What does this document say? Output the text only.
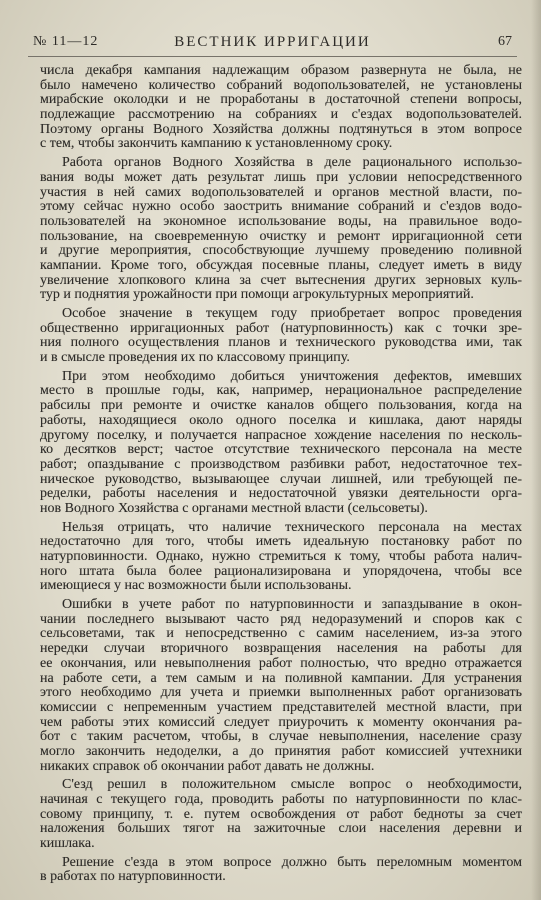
№ 11—12	ВЕСТНИК ИРРИГАЦИИ	67
числа декабря кампания надлежащим образом развернута не была, не
было намечено количество собраний водопользователей, не установлены
мирабские околодки и не проработаны в достаточной степени вопросы,
подлежащие рассмотрению на собраниях и с'ездах водопользователей.
Поэтому органы Водного Хозяйства должны подтянуться в этом вопросе
с тем, чтобы закончить кампанию к установленному сроку.
Работа органов Водного Хозяйства в деле рационального использо-
вания воды может дать результат лишь при условии непосредственного
участия в ней самих водопользователей и органов местной власти, по-
этому сейчас нужно особо заострить внимание собраний и с'ездов водо-
пользователей на экономное использование воды, на правильное водо-
пользование, на своевременную очистку и ремонт ирригационной сети
и другие мероприятия, способствующие лучшему проведению поливной
кампании. Кроме того, обсуждая посевные планы, следует иметь в виду
увеличение хлопкового клина за счет вытеснения других зерновых куль-
тур и поднятия урожайности при помощи агрокультурных мероприятий.
Особое значение в текущем году приобретает вопрос проведения
общественно ирригационных работ (натурповинность) как с точки зре-
ния полного осуществления планов и технического руководства ими, так
и в смысле проведения их по классовому принципу.
При этом необходимо добиться уничтожения дефектов, имевших
место в прошлые годы, как, например, нерациональное распределение
рабсилы при ремонте и очистке каналов общего пользования, когда на
работы, находящиеся около одного поселка и кишлака, дают наряды
другому поселку, и получается напрасное хождение населения по несколь-
ко десятков верст; частое отсутствие технического персонала на месте
работ; опаздывание с производством разбивки работ, недостаточное тех-
ническое руководство, вызывающее случаи лишней, или требующей пе-
ределки, работы населения и недостаточной увязки деятельности орга-
нов Водного Хозяйства с органами местной власти (сельсоветы).
Нельзя отрицать, что наличие технического персонала на местах
недостаточно для того, чтобы иметь идеальную постановку работ по
натурповинности. Однако, нужно стремиться к тому, чтобы работа налич-
ного штата была более рационализирована и упорядочена, чтобы все
имеющиеся у нас возможности были использованы.
Ошибки в учете работ по натурповинности и запаздывание в окон-
чании последнего вызывают часто ряд недоразумений и споров как с
сельсоветами, так и непосредственно с самим населением, из-за этого
нередки случаи вторичного возвращения населения на работы для
ее окончания, или невыполнения работ полностью, что вредно отражается
на работе сети, а тем самым и на поливной кампании. Для устранения
этого необходимо для учета и приемки выполненных работ организовать
комиссии с непременным участием представителей местной власти, при
чем работы этих комиссий следует приурочить к моменту окончания ра-
бот с таким расчетом, чтобы, в случае невыполнения, население сразу
могло закончить недоделки, а до принятия работ комиссией учтехники
никаких справок об окончании работ давать не должны.
С'езд решил в положительном смысле вопрос о необходимости,
начиная с текущего года, проводить работы по натурповинности по клас-
совому принципу, т. е. путем освобождения от работ бедноты за счет
наложения больших тягот на зажиточные слои населения деревни и
кишлака.
Решение с'езда в этом вопросе должно быть переломным моментом
в работах по натурповинности.
